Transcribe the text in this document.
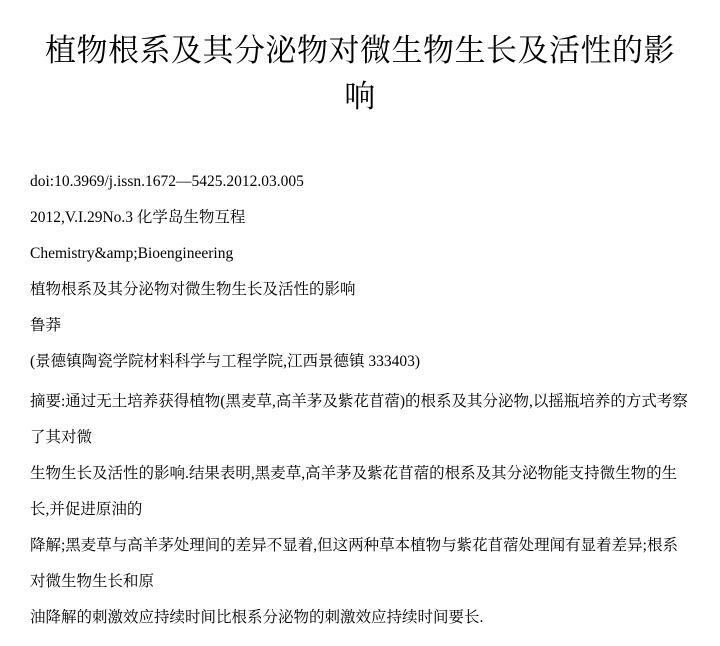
植物根系及其分泌物对微生物生长及活性的影响
doi:10.3969/j.issn.1672—5425.2012.03.005
2012,V.I.29No.3 化学岛生物互程
Chemistry&amp;Bioengineering
植物根系及其分泌物对微生物生长及活性的影响
鲁莽
(景德镇陶瓷学院材料科学与工程学院,江西景德镇 333403)
摘要:通过无土培养获得植物(黑麦草,高羊茅及紫花苜蓿)的根系及其分泌物,以摇瓶培养的方式考察了其对微
生物生长及活性的影响.结果表明,黑麦草,高羊茅及紫花苜蓿的根系及其分泌物能支持微生物的生长,并促进原油的
降解;黑麦草与高羊茅处理间的差异不显着,但这两种草本植物与紫花苜蓿处理闻有显着差异;根系对微生物生长和原
油降解的刺激效应持续时间比根系分泌物的刺激效应持续时间要长.
